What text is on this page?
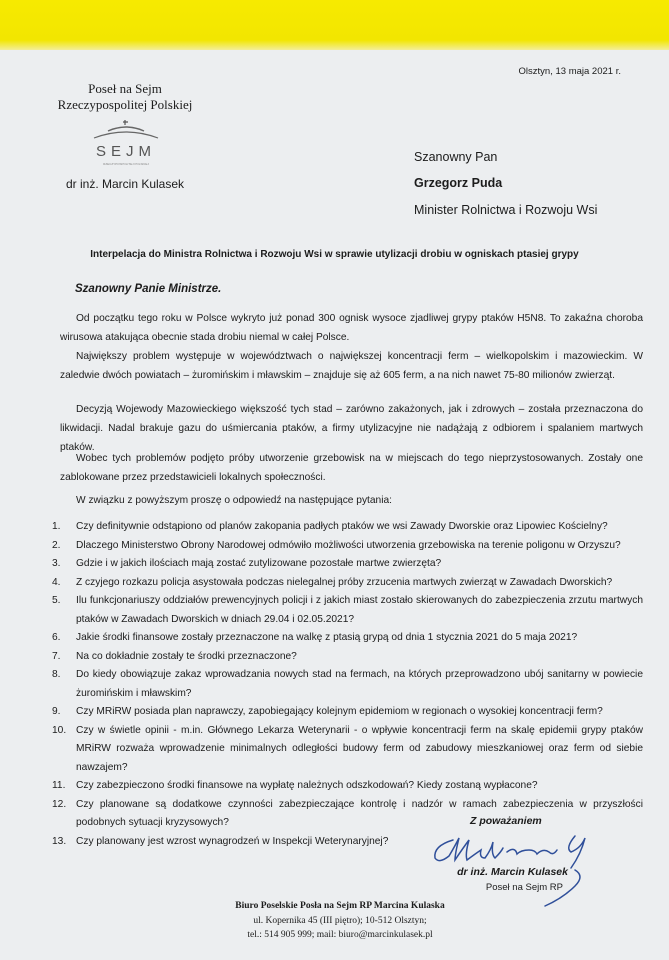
Olsztyn, 13 maja 2021 r.
Poseł na Sejm
Rzeczypospolitej Polskiej
SEJM
RZECZYPOSPOLITEJ POLSKIEJ
dr inż. Marcin Kulasek
Szanowny Pan
Grzegorz Puda
Minister Rolnictwa i Rozwoju Wsi
Interpelacja do Ministra Rolnictwa i Rozwoju Wsi w sprawie utylizacji drobiu w ogniskach ptasiej grypy
Szanowny Panie Ministrze.

Od początku tego roku w Polsce wykryto już ponad 300 ognisk wysoce zjadliwej grypy ptaków H5N8. To zakaźna choroba wirusowa atakująca obecnie stada drobiu niemal w całej Polsce.

Największy problem występuje w województwach o największej koncentracji ferm – wielkopolskim i mazowieckim. W zaledwie dwóch powiatach – żuromińskim i mławskim – znajduje się aż 605 ferm, a na nich nawet 75-80 milionów zwierząt.

Decyzją Wojewody Mazowieckiego większość tych stad – zarówno zakażonych, jak i zdrowych – została przeznaczona do likwidacji. Nadal brakuje gazu do uśmiercania ptaków, a firmy utylizacyjne nie nadążają z odbiorem i spalaniem martwych ptaków.

Wobec tych problemów podjęto próby utworzenie grzebowisk na w miejscach do tego nieprzystosowanych. Zostały one zablokowane przez przedstawicieli lokalnych społeczności.

W związku z powyższym proszę o odpowiedź na następujące pytania:

1. Czy definitywnie odstąpiono od planów zakopania padłych ptaków we wsi Zawady Dworskie oraz Lipowiec Kościelny?
2. Dlaczego Ministerstwo Obrony Narodowej odmówiło możliwości utworzenia grzebowiska na terenie poligonu w Orzyszu?
3. Gdzie i w jakich ilościach mają zostać zutylizowane pozostałe martwe zwierzęta?
4. Z czyjego rozkazu policja asystowała podczas nielegalnej próby zrzucenia martwych zwierząt w Zawadach Dworskich?
5. Ilu funkcjonariuszy oddziałów prewencyjnych policji i z jakich miast zostało skierowanych do zabezpieczenia zrzutu martwych ptaków w Zawadach Dworskich w dniach 29.04 i 02.05.2021?
6. Jakie środki finansowe zostały przeznaczone na walkę z ptasią grypą od dnia 1 stycznia 2021 do 5 maja 2021?
7. Na co dokładnie zostały te środki przeznaczone?
8. Do kiedy obowiązuje zakaz wprowadzania nowych stad na fermach, na których przeprowadzono ubój sanitarny w powiecie żuromińskim i mławskim?
9. Czy MRiRW posiada plan naprawczy, zapobiegający kolejnym epidemiom w regionach o wysokiej koncentracji ferm?
10. Czy w świetle opinii - m.in. Głównego Lekarza Weterynarii - o wpływie koncentracji ferm na skalę epidemii grypy ptaków MRiRW rozważa wprowadzenie minimalnych odległości budowy ferm od zabudowy mieszkaniowej oraz ferm od siebie nawzajem?
11. Czy zabezpieczono środki finansowe na wypłatę należnych odszkodowań? Kiedy zostaną wypłacone?
12. Czy planowane są dodatkowe czynności zabezpieczające kontrolę i nadzór w ramach zabezpieczenia w przyszłości podobnych sytuacji kryzysowych?
13. Czy planowany jest wzrost wynagrodzeń w Inspekcji Weterynaryjnej?
Z poważaniem
dr inż. Marcin Kulasek
Poseł na Sejm RP
Biuro Poselskie Posła na Sejm RP Marcina Kulaska
ul. Kopernika 45 (III piętro); 10-512 Olsztyn;
tel.: 514 905 999; mail: biuro@marcinkulasek.pl
